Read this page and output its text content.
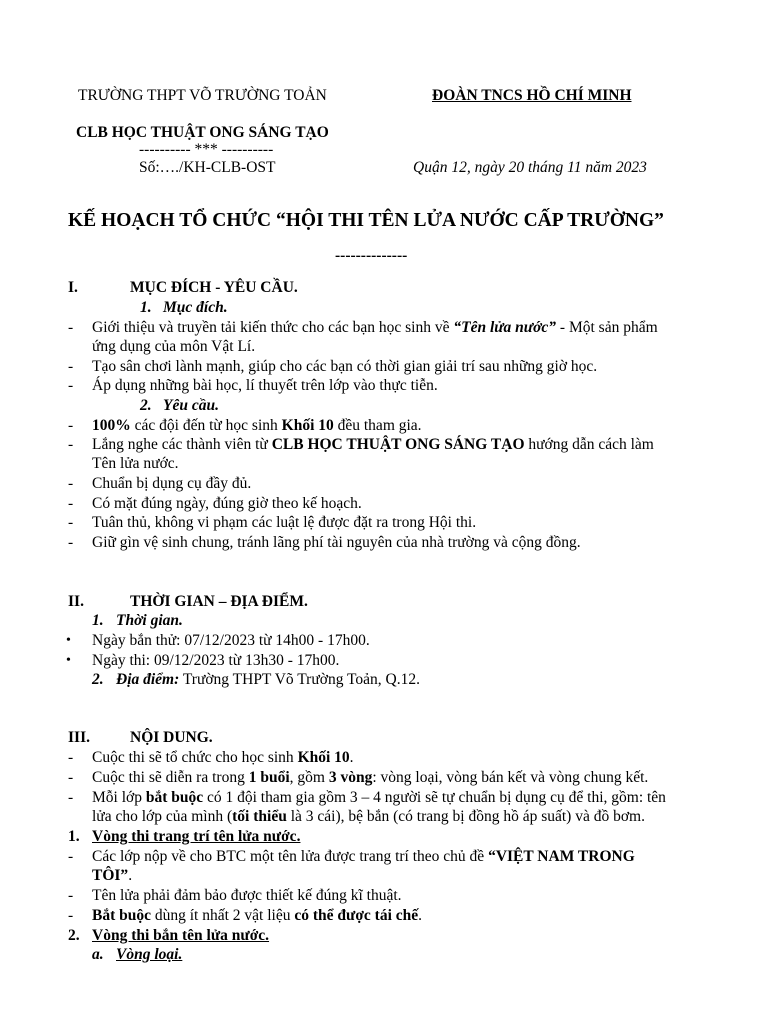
TRƯỜNG THPT VÕ TRƯỜNG TOẢN	ĐOÀN TNCS HỒ CHÍ MINH
CLB HỌC THUẬT ONG SÁNG TẠO
---------- *** ----------
Số:…./KH-CLB-OST	Quận 12, ngày 20 tháng 11 năm 2023
KẾ HOẠCH TỔ CHỨC “HỘI THI TÊN LỬA NƯỚC CẤP TRƯỜNG”
--------------
I.	MỤC ĐÍCH - YÊU CẦU.
1. Mục đích.
- Giới thiệu và truyền tải kiến thức cho các bạn học sinh về “Tên lửa nước” - Một sản phẩm
ứng dụng của môn Vật Lí.
- Tạo sân chơi lành mạnh, giúp cho các bạn có thời gian giải trí sau những giờ học.
- Áp dụng những bài học, lí thuyết trên lớp vào thực tiễn.
2. Yêu cầu.
- 100% các đội đến từ học sinh Khối 10 đều tham gia.
- Lắng nghe các thành viên từ CLB HỌC THUẬT ONG SÁNG TẠO hướng dẫn cách làm
Tên lửa nước.
- Chuẩn bị dụng cụ đầy đủ.
- Có mặt đúng ngày, đúng giờ theo kế hoạch.
- Tuân thủ, không vi phạm các luật lệ được đặt ra trong Hội thi.
- Giữ gìn vệ sinh chung, tránh lãng phí tài nguyên của nhà trường và cộng đồng.
II.	THỜI GIAN – ĐỊA ĐIỂM.
1. Thời gian.
• Ngày bắn thử: 07/12/2023 từ 14h00 - 17h00.
• Ngày thi: 09/12/2023 từ 13h30 - 17h00.
2. Địa điểm: Trường THPT Võ Trường Toản, Q.12.
III.	NỘI DUNG.
- Cuộc thi sẽ tổ chức cho học sinh Khối 10.
- Cuộc thi sẽ diễn ra trong 1 buổi, gồm 3 vòng: vòng loại, vòng bán kết và vòng chung kết.
- Mỗi lớp bắt buộc có 1 đội tham gia gồm 3 – 4 người sẽ tự chuẩn bị dụng cụ để thi, gồm: tên
lửa cho lớp của mình (tối thiểu là 3 cái), bệ bắn (có trang bị đồng hồ áp suất) và đồ bơm.
1. Vòng thi trang trí tên lửa nước.
- Các lớp nộp về cho BTC một tên lửa được trang trí theo chủ đề “VIỆT NAM TRONG
TÔI”.
- Tên lửa phải đảm bảo được thiết kế đúng kĩ thuật.
- Bắt buộc dùng ít nhất 2 vật liệu có thể được tái chế.
2. Vòng thi bắn tên lửa nước.
a. Vòng loại.
